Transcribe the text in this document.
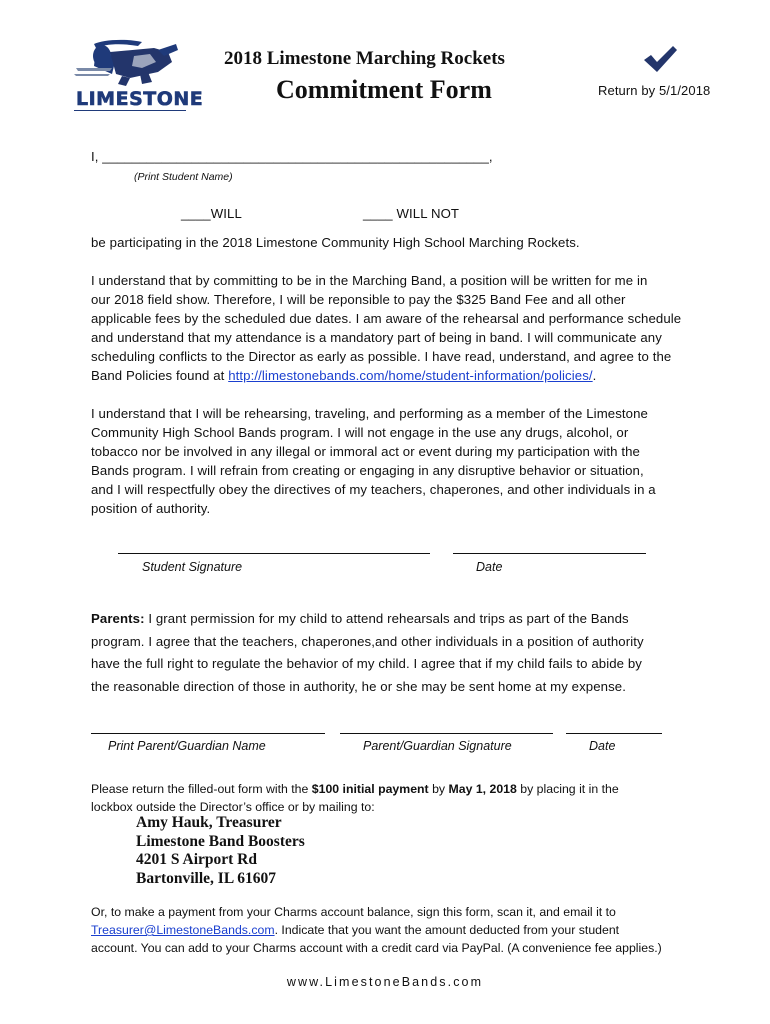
LIMESTONE
2018 Limestone Marching Rockets
Commitment Form	Return by 5/1/2018
I, ____________________________________________________,
(Print Student Name)
____WILL	____ WILL NOT
be participating in the 2018 Limestone Community High School Marching Rockets.
I understand that by committing to be in the Marching Band, a position will be written for me in
our 2018 field show. Therefore, I will be reponsible to pay the $325 Band Fee and all other
applicable fees by the scheduled due dates. I am aware of the rehearsal and performance schedule
and understand that my attendance is a mandatory part of being in band. I will communicate any
scheduling conflicts to the Director as early as possible. I have read, understand, and agree to the
Band Policies found at http://limestonebands.com/home/student-information/policies/.
I understand that I will be rehearsing, traveling, and performing as a member of the Limestone
Community High School Bands program. I will not engage in the use any drugs, alcohol, or
tobacco nor be involved in any illegal or immoral act or event during my participation with the
Bands program. I will refrain from creating or engaging in any disruptive behavior or situation,
and I will respectfully obey the directives of my teachers, chaperones, and other individuals in a
position of authority.
Student Signature	Date
Parents: I grant permission for my child to attend rehearsals and trips as part of the Bands
program. I agree that the teachers, chaperones,and other individuals in a position of authority
have the full right to regulate the behavior of my child. I agree that if my child fails to abide by
the reasonable direction of those in authority, he or she may be sent home at my expense.
Print Parent/Guardian Name	Parent/Guardian Signature	Date
Please return the filled-out form with the $100 initial payment by May 1, 2018 by placing it in the
lockbox outside the Director’s office or by mailing to:
Amy Hauk, Treasurer
Limestone Band Boosters
4201 S Airport Rd
Bartonville, IL 61607
Or, to make a payment from your Charms account balance, sign this form, scan it, and email it to
Treasurer@LimestoneBands.com. Indicate that you want the amount deducted from your student
account. You can add to your Charms account with a credit card via PayPal. (A convenience fee applies.)
www.LimestoneBands.com
